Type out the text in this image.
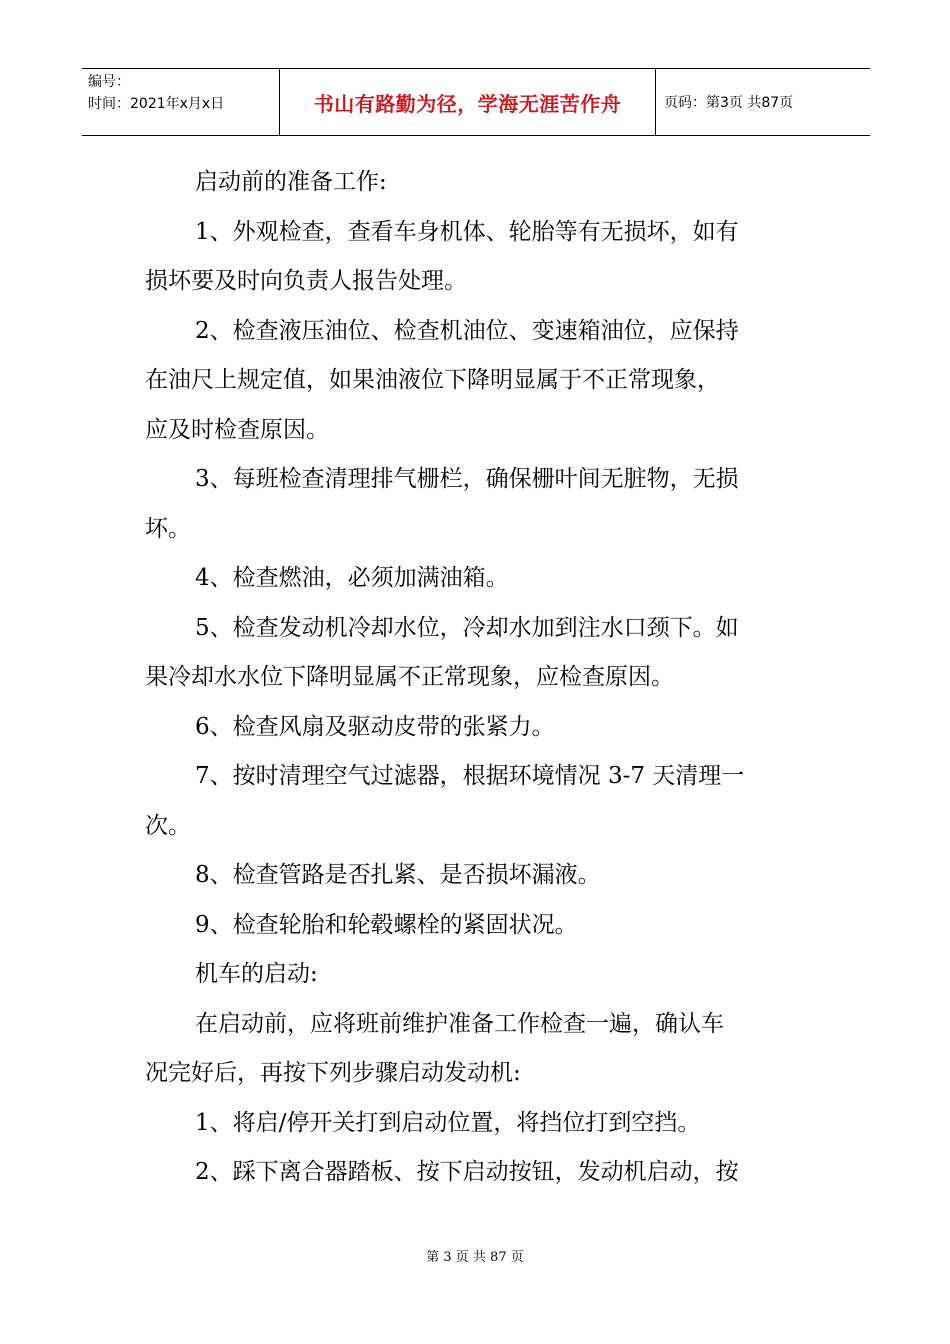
编号：
时间：2021年x月x日	书山有路勤为径，学海无涯苦作舟	页码：第3页 共87页

启动前的准备工作:

1、外观检查，查看车身机体、轮胎等有无损坏，如有

损坏要及时向负责人报告处理。

2、检查液压油位、检查机油位、变速箱油位，应保持

在油尺上规定值，如果油液位下降明显属于不正常现象，

应及时检查原因。

3、每班检查清理排气栅栏，确保栅叶间无脏物，无损

坏。

4、检查燃油，必须加满油箱。

5、检查发动机冷却水位，冷却水加到注水口颈下。如

果冷却水水位下降明显属不正常现象，应检查原因。

6、检查风扇及驱动皮带的张紧力。

7、按时清理空气过滤器，根据环境情况 3-7 天清理一

次。

8、检查管路是否扎紧、是否损坏漏液。

9、检查轮胎和轮毂螺栓的紧固状况。

机车的启动:

在启动前，应将班前维护准备工作检查一遍，确认车

况完好后，再按下列步骤启动发动机:

1、将启/停开关打到启动位置，将挡位打到空挡。

2、踩下离合器踏板、按下启动按钮，发动机启动，按

第 3 页 共 87 页
